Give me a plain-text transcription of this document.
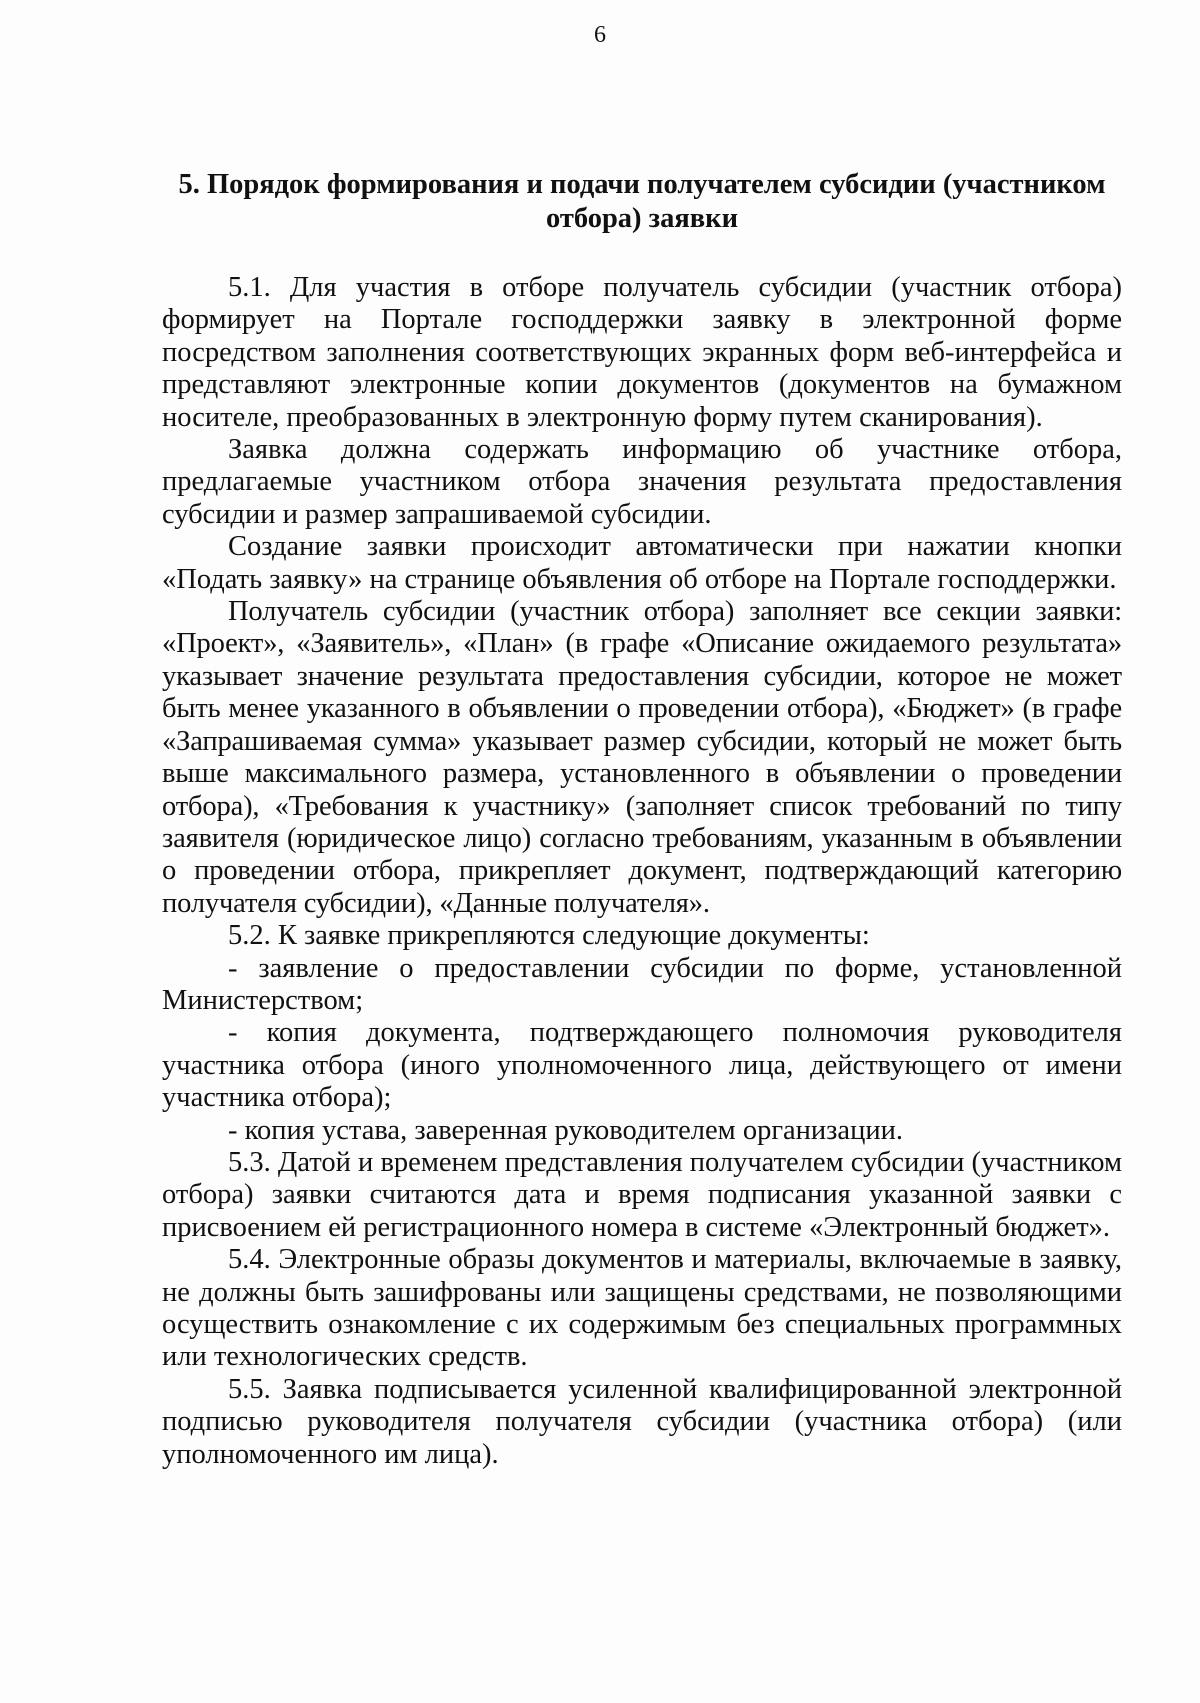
6
5. Порядок формирования и подачи получателем субсидии (участником отбора) заявки

5.1. Для участия в отборе получатель субсидии (участник отбора) формирует на Портале господдержки заявку в электронной форме посредством заполнения соответствующих экранных форм веб-интерфейса и представляют электронные копии документов (документов на бумажном носителе, преобразованных в электронную форму путем сканирования).

Заявка должна содержать информацию об участнике отбора, предлагаемые участником отбора значения результата предоставления субсидии и размер запрашиваемой субсидии.

Создание заявки происходит автоматически при нажатии кнопки «Подать заявку» на странице объявления об отборе на Портале господдержки.

Получатель субсидии (участник отбора) заполняет все секции заявки: «Проект», «Заявитель», «План» (в графе «Описание ожидаемого результата» указывает значение результата предоставления субсидии, которое не может быть менее указанного в объявлении о проведении отбора), «Бюджет» (в графе «Запрашиваемая сумма» указывает размер субсидии, который не может быть выше максимального размера, установленного в объявлении о проведении отбора), «Требования к участнику» (заполняет список требований по типу заявителя (юридическое лицо) согласно требованиям, указанным в объявлении о проведении отбора, прикрепляет документ, подтверждающий категорию получателя субсидии), «Данные получателя».

5.2. К заявке прикрепляются следующие документы:

- заявление о предоставлении субсидии по форме, установленной Министерством;

- копия документа, подтверждающего полномочия руководителя участника отбора (иного уполномоченного лица, действующего от имени участника отбора);

- копия устава, заверенная руководителем организации.

5.3. Датой и временем представления получателем субсидии (участником отбора) заявки считаются дата и время подписания указанной заявки с присвоением ей регистрационного номера в системе «Электронный бюджет».

5.4. Электронные образы документов и материалы, включаемые в заявку, не должны быть зашифрованы или защищены средствами, не позволяющими осуществить ознакомление с их содержимым без специальных программных или технологических средств.

5.5. Заявка подписывается усиленной квалифицированной электронной подписью руководителя получателя субсидии (участника отбора) (или уполномоченного им лица).
